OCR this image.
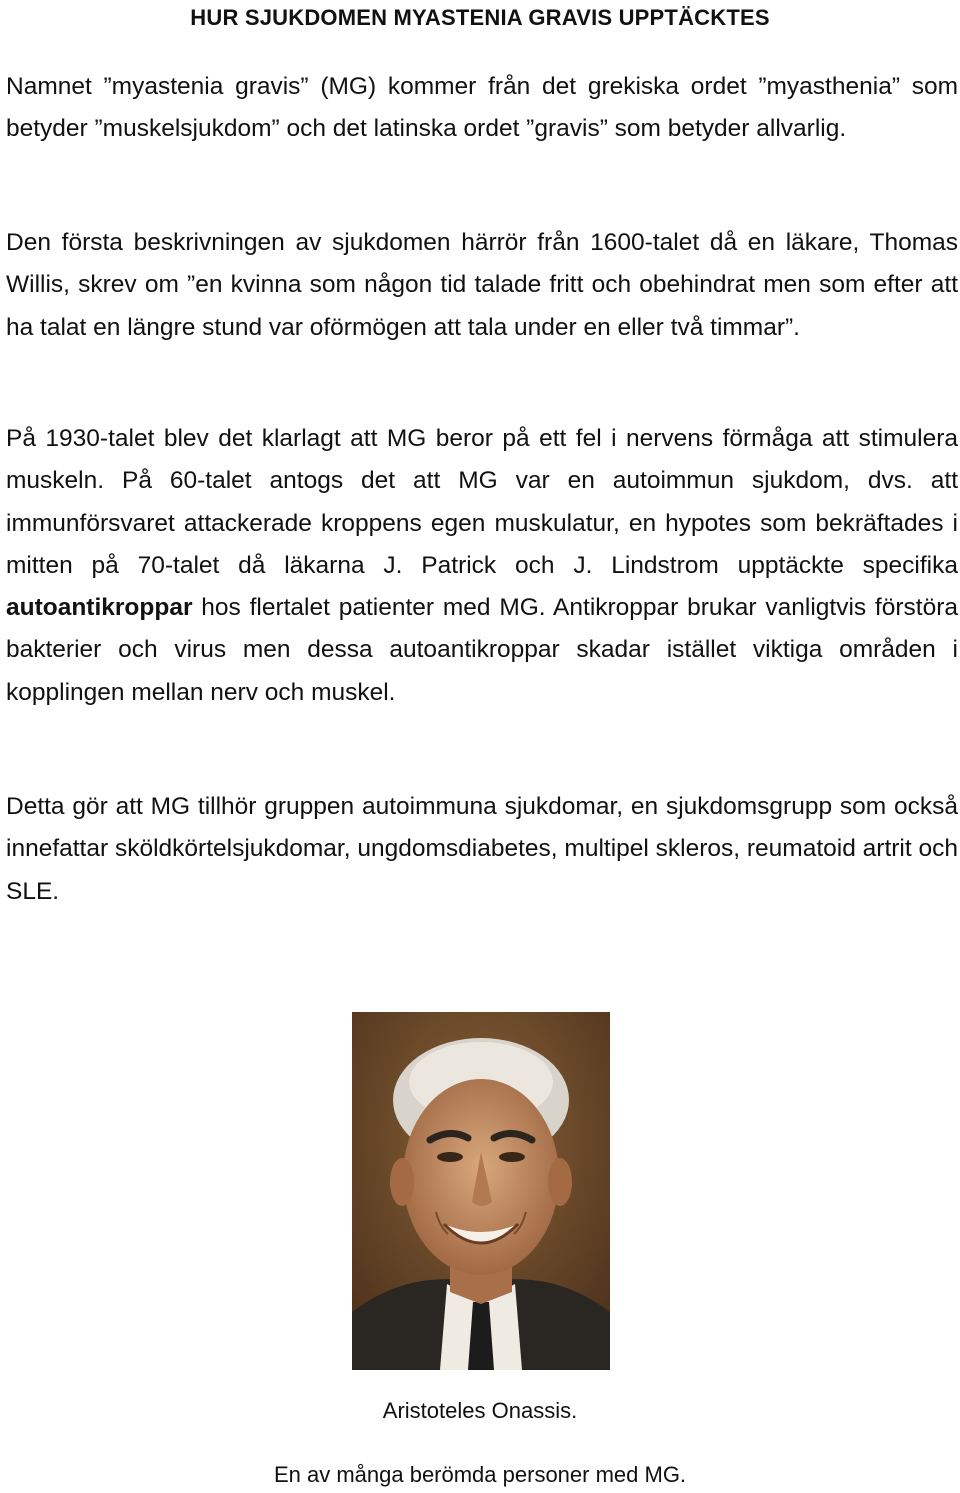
HUR SJUKDOMEN MYASTENIA GRAVIS UPPTÄCKTES

Namnet ”myastenia gravis” (MG) kommer från det grekiska ordet ”myasthenia” som betyder ”muskelsjukdom” och det latinska ordet ”gravis” som betyder allvarlig.

Den första beskrivningen av sjukdomen härrör från 1600-talet då en läkare, Thomas Willis, skrev om ”en kvinna som någon tid talade fritt och obehindrat men som efter att ha talat en längre stund var oförmögen att tala under en eller två timmar”.

På 1930-talet blev det klarlagt att MG beror på ett fel i nervens förmåga att stimulera muskeln. På 60-talet antogs det att MG var en autoimmun sjukdom, dvs. att immunförsvaret attackerade kroppens egen muskulatur, en hypotes som bekräftades i mitten på 70-talet då läkarna J. Patrick och J. Lindstrom upptäckte specifika autoantikroppar hos flertalet patienter med MG. Antikroppar brukar vanligtvis förstöra bakterier och virus men dessa autoantikroppar skadar istället viktiga områden i kopplingen mellan nerv och muskel.

Detta gör att MG tillhör gruppen autoimmuna sjukdomar, en sjukdomsgrupp som också innefattar sköldkörtelsjukdomar, ungdomsdiabetes, multipel skleros, reumatoid artrit och SLE.

Aristoteles Onassis.
En av många berömda personer med MG.
